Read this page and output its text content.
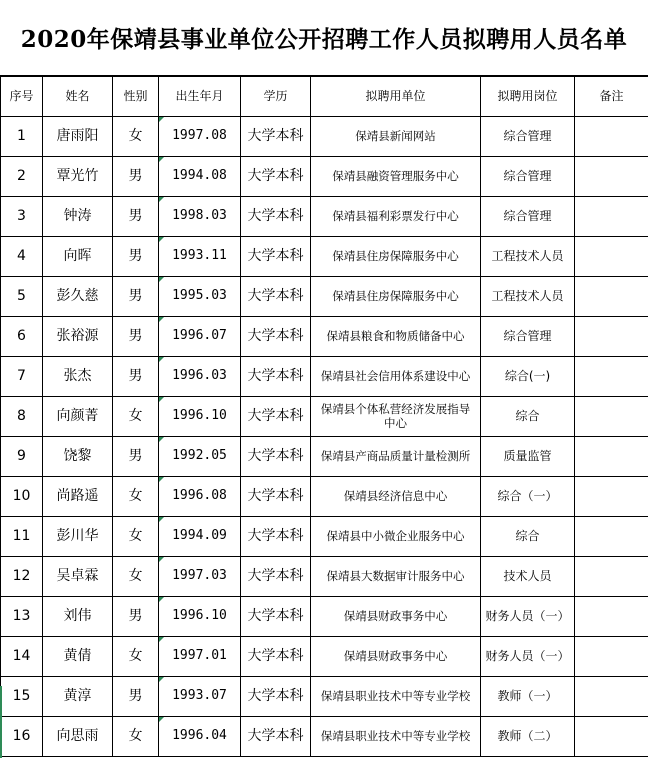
2020年保靖县事业单位公开招聘工作人员拟聘用人员名单
序号	姓名	性别	出生年月	学历	拟聘用单位	拟聘用岗位	备注
1	唐雨阳	女	1997.08	大学本科	保靖县新闻网站	综合管理	
2	覃光竹	男	1994.08	大学本科	保靖县融资管理服务中心	综合管理	
3	钟涛	男	1998.03	大学本科	保靖县福利彩票发行中心	综合管理	
4	向晖	男	1993.11	大学本科	保靖县住房保障服务中心	工程技术人员	
5	彭久慈	男	1995.03	大学本科	保靖县住房保障服务中心	工程技术人员	
6	张裕源	男	1996.07	大学本科	保靖县粮食和物质储备中心	综合管理	
7	张杰	男	1996.03	大学本科	保靖县社会信用体系建设中心	综合(一)	
8	向颜菁	女	1996.10	大学本科	保靖县个体私营经济发展指导中心	综合	
9	饶黎	男	1992.05	大学本科	保靖县产商品质量计量检测所	质量监管	
10	尚路遥	女	1996.08	大学本科	保靖县经济信息中心	综合（一）	
11	彭川华	女	1994.09	大学本科	保靖县中小微企业服务中心	综合	
12	吴卓霖	女	1997.03	大学本科	保靖县大数据审计服务中心	技术人员	
13	刘伟	男	1996.10	大学本科	保靖县财政事务中心	财务人员（一）	
14	黄倩	女	1997.01	大学本科	保靖县财政事务中心	财务人员（一）	
15	黄淳	男	1993.07	大学本科	保靖县职业技术中等专业学校	教师（一）	
16	向思雨	女	1996.04	大学本科	保靖县职业技术中等专业学校	教师（二）	
